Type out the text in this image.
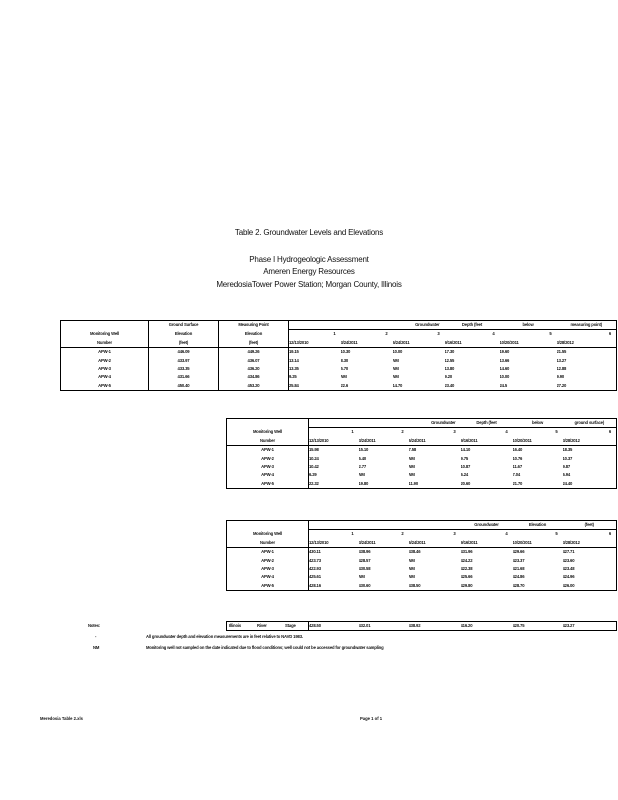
Table 2. Groundwater Levels and Elevations
Phase I Hydrogeologic Assessment
Ameren Energy Resources
MeredosiaTower Power Station; Morgan County, Illinois
	Ground Surface	Measuring Point			Groundwater	Depth (feet	below	measuring point)
Monitoring Well	Elevation	Elevation	1	2	3	4	5	6
Number	(feet)	(feet)	12/13/2010	3/24/2011	6/24/2011	9/16/2011	10/20/2011	3/28/2012
APW-1	446.09	449.26	19.15	10.30	10.00	17.30	19.60	21.55
APW-2	433.97	436.07	13.14	8.30	NM	12.55	13.66	13.27
APW-3	433.35	436.20	13.35	5.70	NM	13.80	14.60	12.88
APW-4	431.66	434.86	9.25	NM	NM	9.20	10.00	9.90
APW-5	450.40	453.20	25.84	22.6	14.70	23.40	24.5	27.20
			Groundwater	Depth (feet	below	ground surface)
Monitoring Well	1	2	3	4	5	6
Number	12/13/2010	3/24/2011	6/24/2011	9/16/2011	10/20/2011	3/28/2012
APW-1	15.98	15.10	7.58	14.10	16.40	18.35
APW-2	10.24	5.40	NM	9.75	10.76	10.37
APW-3	10.42	2.77	NM	10.87	11.67	9.87
APW-4	6.29	NM	NM	6.24	7.04	6.94
APW-5	22.32	19.80	11.90	20.60	21.70	24.40
				Groundwater	Elevation	(feet)
Monitoring Well	1	2	3	4	5	6
Number	12/13/2010	3/24/2011	6/24/2011	9/16/2011	10/20/2011	3/28/2012
APW-1	430.11	438.96	438.46	431.96	429.66	427.71
APW-2	423.73	428.57	NM	424.22	423.37	423.60
APW-3	422.93	430.58	NM	422.38	421.68	423.48
APW-4	425.61	NM	NM	425.66	424.86	424.96
APW-5	428.16	430.60	438.50	429.80	428.70	426.00
Illinois	River	Stage	428.50	432.01	438.92	416.20	420.75	423.27
Notes:
-	All groundwater depth and elevation measurements are in feet relative to NAVD 1983.
NM	Monitoring well not sampled on the date indicated due to flood conditions; well could not be accessed for groundwater sampling
Meredosia Table 2.xls	Page 1 of 1
